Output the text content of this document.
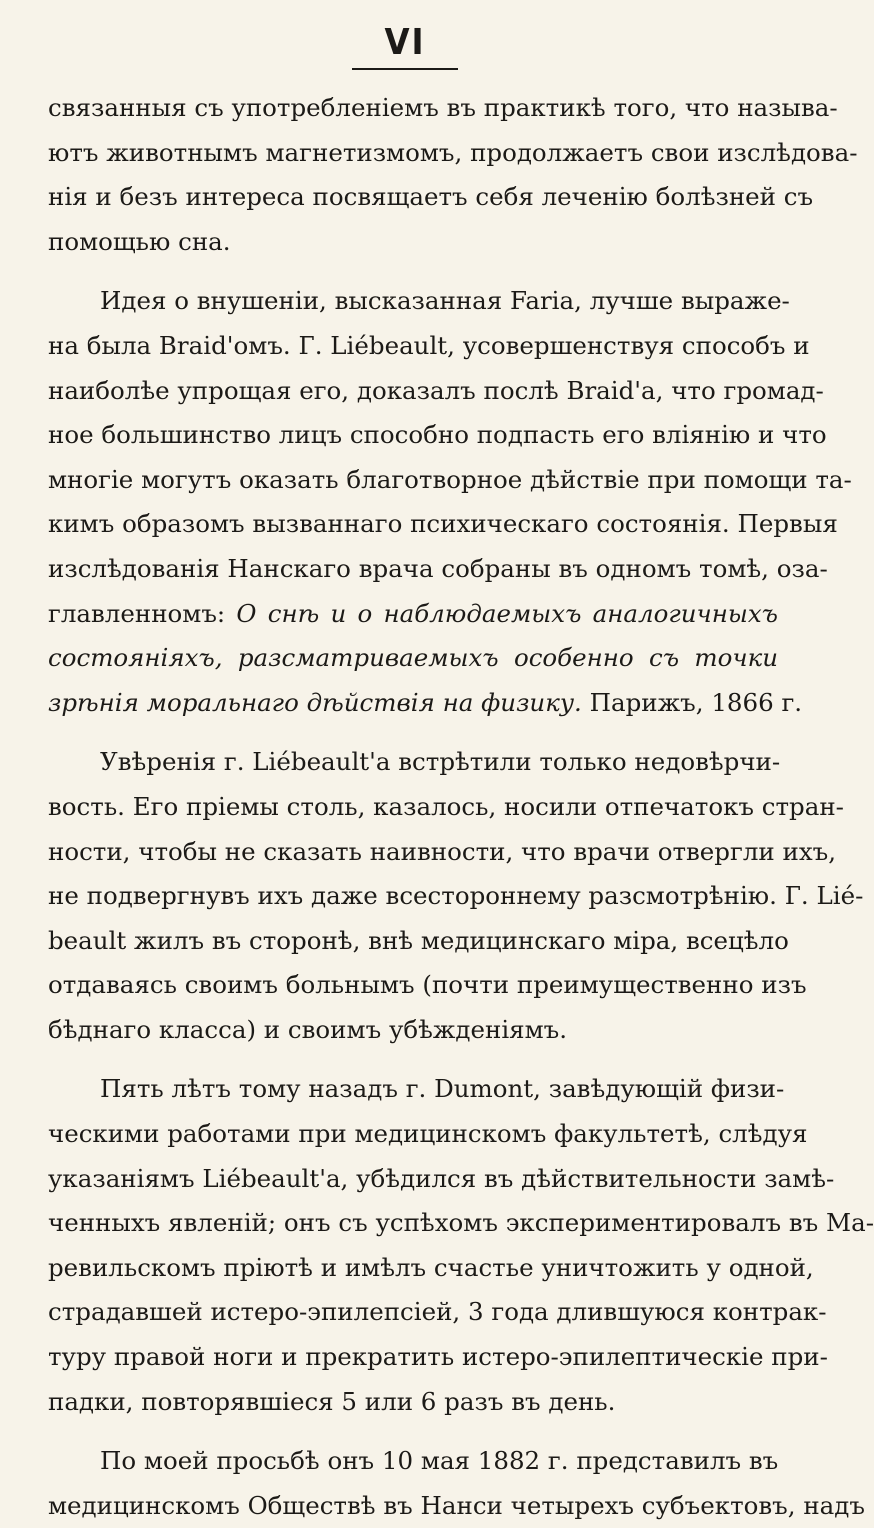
VI
связанныя съ употребленіемъ въ практикѣ того, что называ-
ютъ животнымъ магнетизмомъ, продолжаетъ свои изслѣдова-
нія и безъ интереса посвящаетъ себя леченію болѣзней съ
помощью сна.
Идея о внушеніи, высказанная Faria, лучше выраже-
на была Braid'омъ. Г. Liébeault, усовершенствуя способъ и
наиболѣе упрощая его, доказалъ послѣ Braid'а, что громад-
ное большинство лицъ способно подпасть его вліянію и что
многіе могутъ оказать благотворное дѣйствіе при помощи та-
кимъ образомъ вызваннаго психическаго состоянія. Первыя
изслѣдованія Нанскаго врача собраны въ одномъ томѣ, оза-
главленномъ: О снѣ и о наблюдаемыхъ аналогичныхъ
состояніяхъ, разсматриваемыхъ особенно съ точки
зрѣнія моральнаго дѣйствія на физику. Парижъ, 1866 г.
Увѣренія г. Liébeault'а встрѣтили только недовѣрчи-
вость. Его пріемы столь, казалось, носили отпечатокъ стран-
ности, чтобы не сказать наивности, что врачи отвергли ихъ,
не подвергнувъ ихъ даже всестороннему разсмотрѣнію. Г. Lié-
beault жилъ въ сторонѣ, внѣ медицинскаго міра, всецѣло
отдаваясь своимъ больнымъ (почти преимущественно изъ
бѣднаго класса) и своимъ убѣжденіямъ.
Пять лѣтъ тому назадъ г. Dumont, завѣдующій физи-
ческими работами при медицинскомъ факультетѣ, слѣдуя
указаніямъ Liébeault'а, убѣдился въ дѣйствительности замѣ-
ченныхъ явленій; онъ съ успѣхомъ экспериментировалъ въ Ма-
ревильскомъ пріютѣ и имѣлъ счастье уничтожить у одной,
страдавшей истеро-эпилепсіей, 3 года длившуюся контрак-
туру правой ноги и прекратить истеро-эпилептическіе при-
падки, повторявшіеся 5 или 6 разъ въ день.
По моей просьбѣ онъ 10 мая 1882 г. представилъ въ
медицинскомъ Обществѣ въ Нанси четырехъ субъектовъ, надъ
